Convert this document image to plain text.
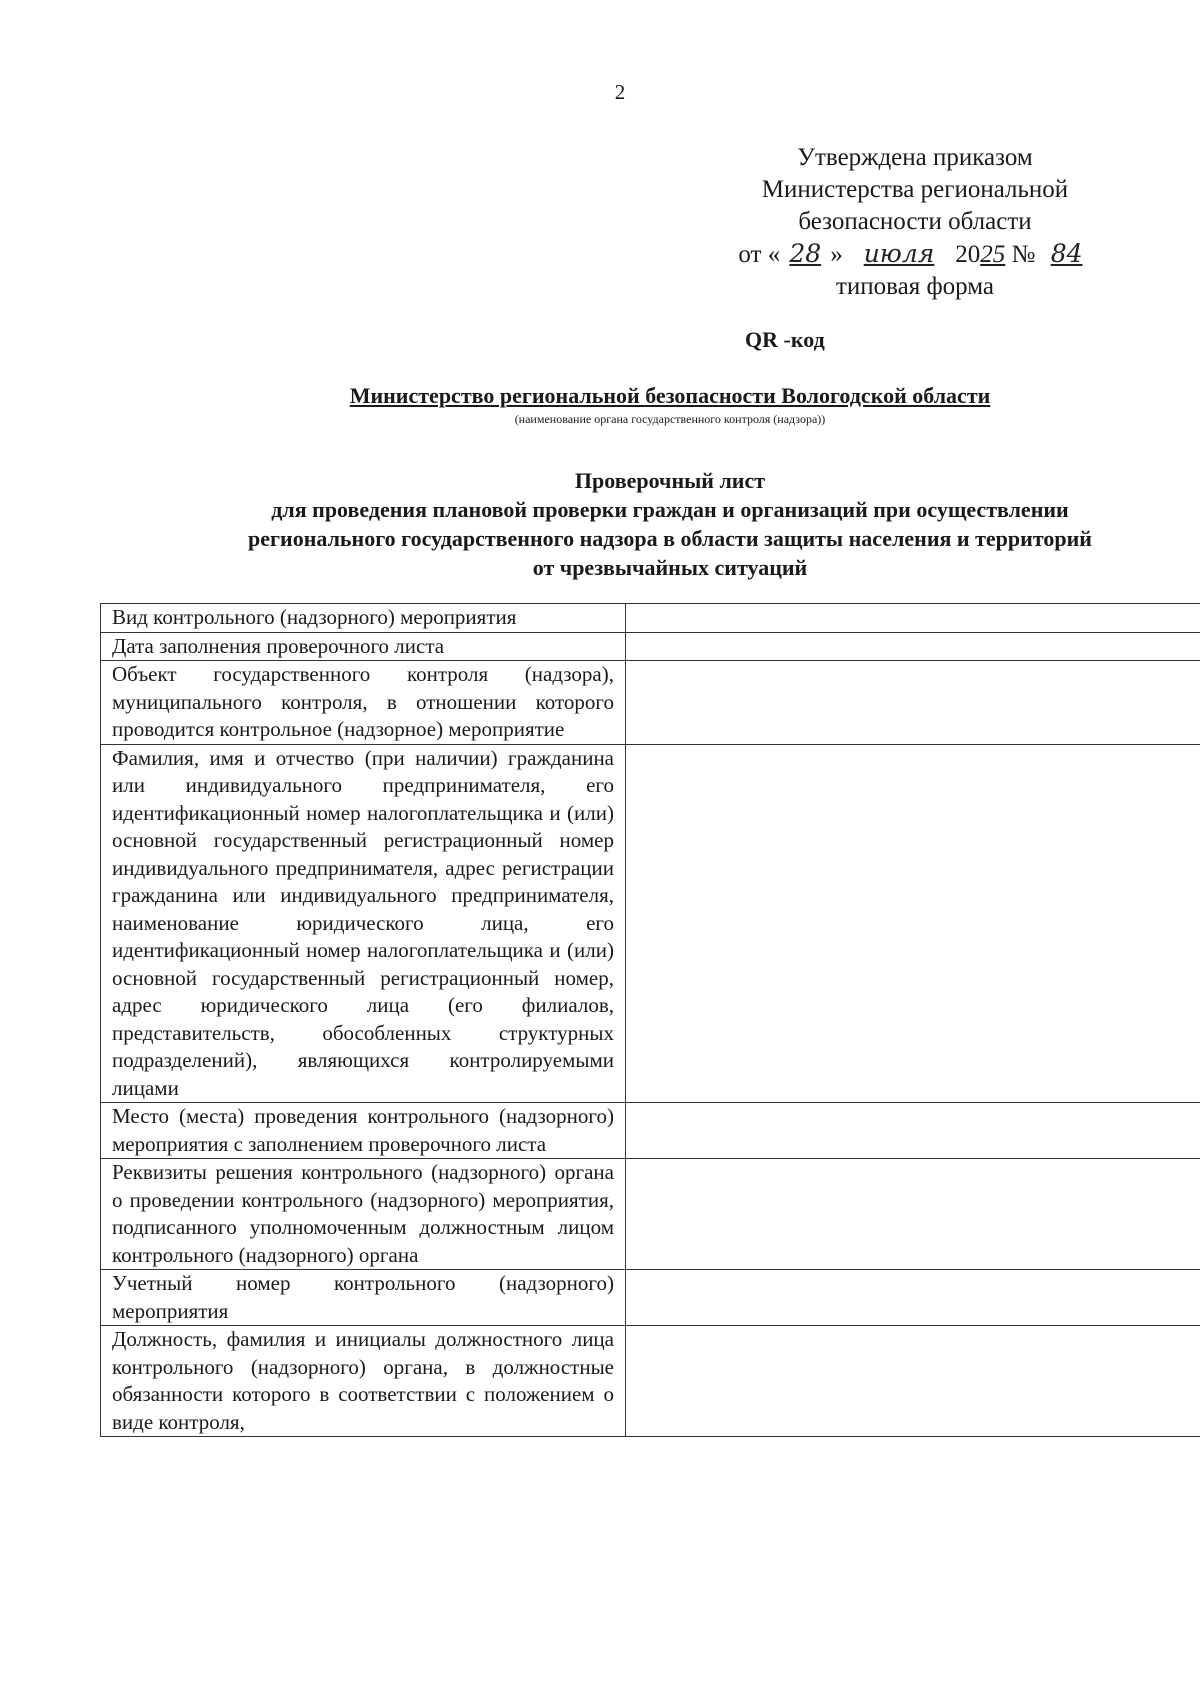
2
Утверждена приказом
Министерства региональной
безопасности области
от « 28 » июля 2025 № 84
типовая форма
QR -код
Министерство региональной безопасности Вологодской области
(наименование органа государственного контроля (надзора))
Проверочный лист
для проведения плановой проверки граждан и организаций при осуществлении
регионального государственного надзора в области защиты населения и территорий
от чрезвычайных ситуаций
Вид контрольного (надзорного) мероприятия	
Дата заполнения проверочного листа	
Объект государственного контроля (надзора), муниципального контроля, в отношении которого проводится контрольное (надзорное) мероприятие	
Фамилия, имя и отчество (при наличии) гражданина или индивидуального предпринимателя, его идентификационный номер налогоплательщика и (или) основной государственный регистрационный номер индивидуального предпринимателя, адрес регистрации гражданина или индивидуального предпринимателя, наименование юридического лица, его идентификационный номер налогоплательщика и (или) основной государственный регистрационный номер, адрес юридического лица (его филиалов, представительств, обособленных структурных подразделений), являющихся контролируемыми лицами	
Место (места) проведения контрольного (надзорного) мероприятия с заполнением проверочного листа	
Реквизиты решения контрольного (надзорного) органа о проведении контрольного (надзорного) мероприятия, подписанного уполномоченным должностным лицом контрольного (надзорного) органа	
Учетный номер контрольного (надзорного) мероприятия	
Должность, фамилия и инициалы должностного лица контрольного (надзорного) органа, в должностные обязанности которого в соответствии с положением о виде контроля,	
